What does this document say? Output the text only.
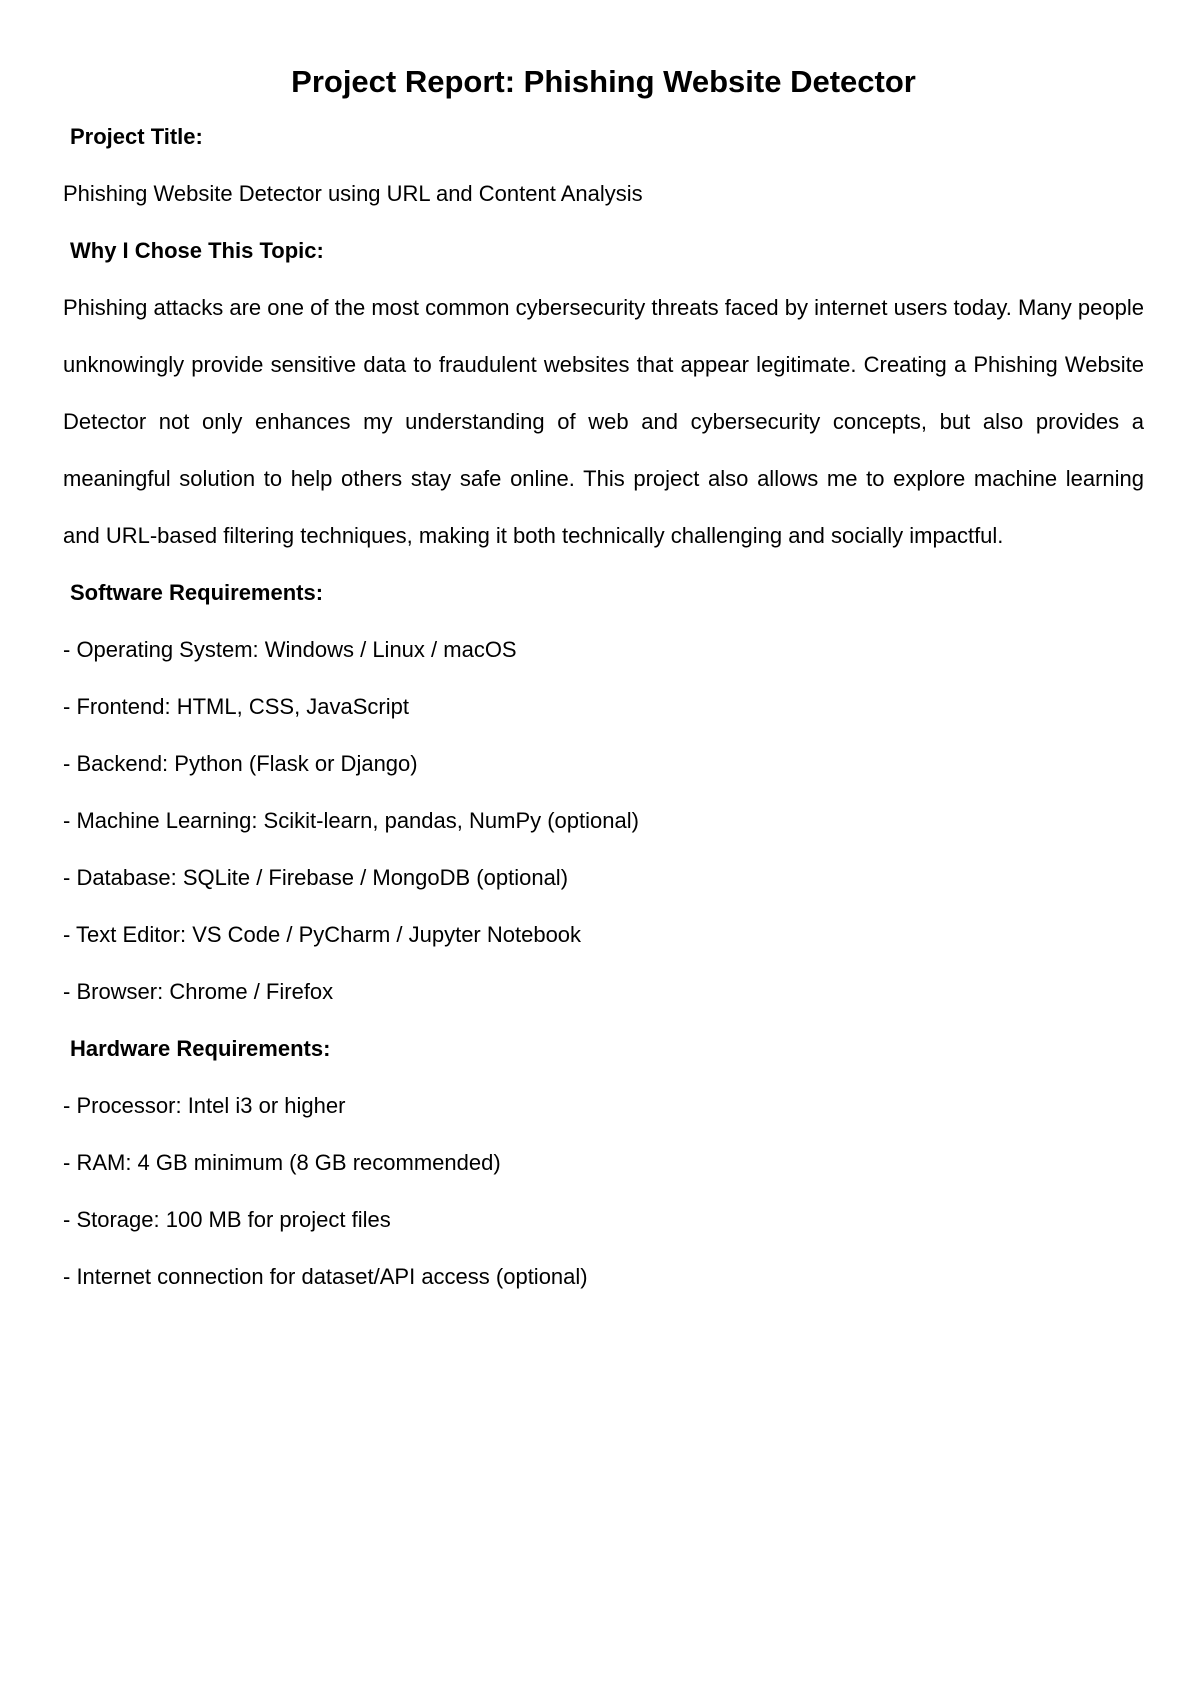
Project Report: Phishing Website Detector

Project Title:

Phishing Website Detector using URL and Content Analysis

Why I Chose This Topic:

Phishing attacks are one of the most common cybersecurity threats faced by internet users today. Many people unknowingly provide sensitive data to fraudulent websites that appear legitimate. Creating a Phishing Website Detector not only enhances my understanding of web and cybersecurity concepts, but also provides a meaningful solution to help others stay safe online. This project also allows me to explore machine learning and URL-based filtering techniques, making it both technically challenging and socially impactful.

Software Requirements:

- Operating System: Windows / Linux / macOS
- Frontend: HTML, CSS, JavaScript
- Backend: Python (Flask or Django)
- Machine Learning: Scikit-learn, pandas, NumPy (optional)
- Database: SQLite / Firebase / MongoDB (optional)
- Text Editor: VS Code / PyCharm / Jupyter Notebook
- Browser: Chrome / Firefox

Hardware Requirements:

- Processor: Intel i3 or higher
- RAM: 4 GB minimum (8 GB recommended)
- Storage: 100 MB for project files
- Internet connection for dataset/API access (optional)
